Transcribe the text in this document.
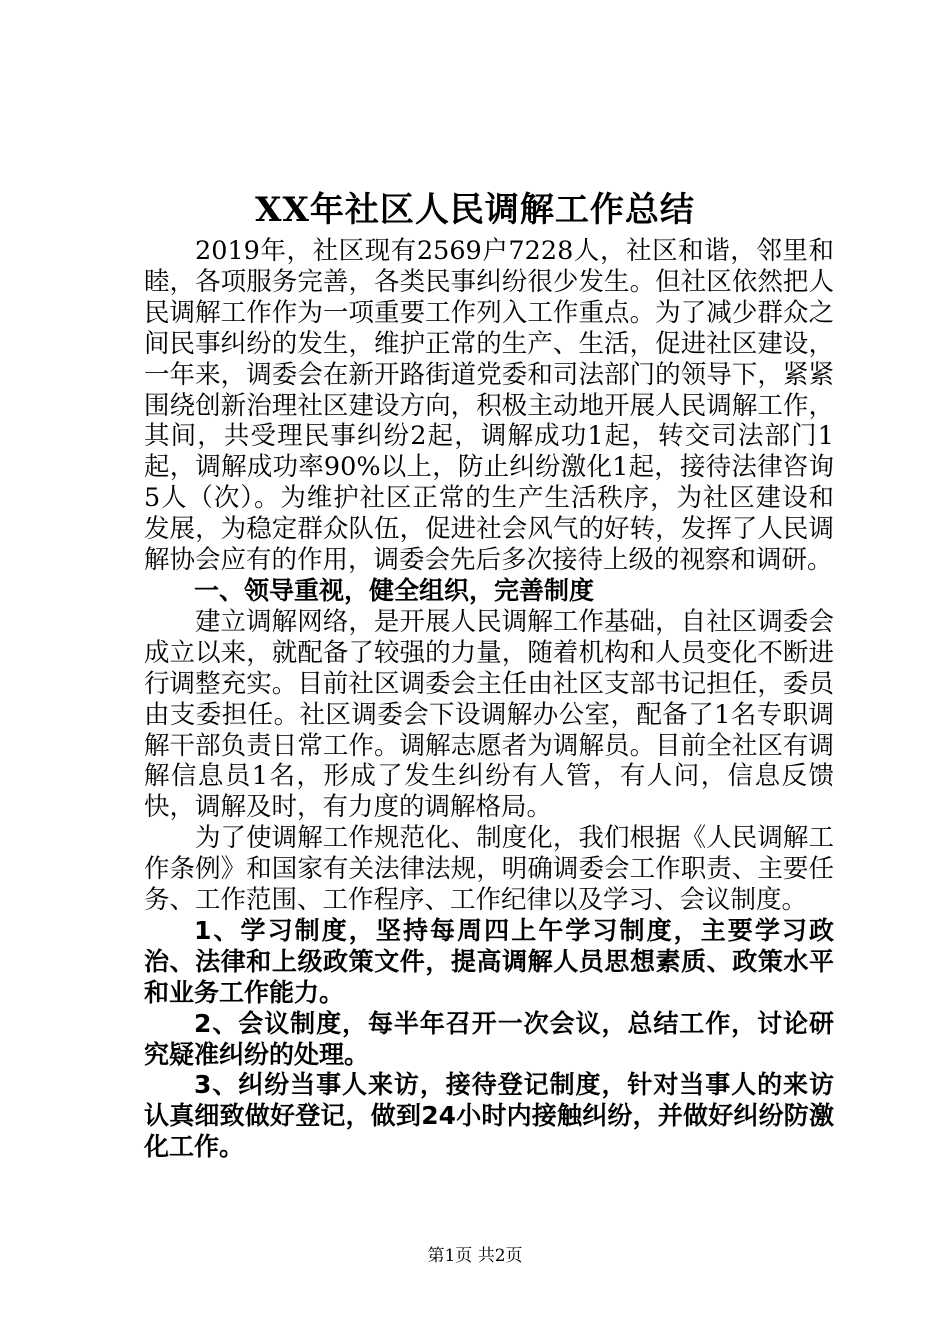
XX年社区人民调解工作总结

2019年，社区现有2569户7228人，社区和谐，邻里和睦，各项服务完善，各类民事纠纷很少发生。但社区依然把人民调解工作作为一项重要工作列入工作重点。为了减少群众之间民事纠纷的发生，维护正常的生产、生活，促进社区建设，一年来，调委会在新开路街道党委和司法部门的领导下，紧紧围绕创新治理社区建设方向，积极主动地开展人民调解工作，其间，共受理民事纠纷2起，调解成功1起，转交司法部门1起，调解成功率90%以上，防止纠纷激化1起，接待法律咨询5人（次）。为维护社区正常的生产生活秩序，为社区建设和发展，为稳定群众队伍，促进社会风气的好转，发挥了人民调解协会应有的作用，调委会先后多次接待上级的视察和调研。

一、领导重视，健全组织，完善制度

建立调解网络，是开展人民调解工作基础，自社区调委会成立以来，就配备了较强的力量，随着机构和人员变化不断进行调整充实。目前社区调委会主任由社区支部书记担任，委员由支委担任。社区调委会下设调解办公室，配备了1名专职调解干部负责日常工作。调解志愿者为调解员。目前全社区有调解信息员1名，形成了发生纠纷有人管，有人问，信息反馈快，调解及时，有力度的调解格局。

为了使调解工作规范化、制度化，我们根据《人民调解工作条例》和国家有关法律法规，明确调委会工作职责、主要任务、工作范围、工作程序、工作纪律以及学习、会议制度。

1、学习制度，坚持每周四上午学习制度，主要学习政治、法律和上级政策文件，提高调解人员思想素质、政策水平和业务工作能力。

2、会议制度，每半年召开一次会议，总结工作，讨论研究疑准纠纷的处理。

3、纠纷当事人来访，接待登记制度，针对当事人的来访认真细致做好登记，做到24小时内接触纠纷，并做好纠纷防激化工作。

第1页 共2页
